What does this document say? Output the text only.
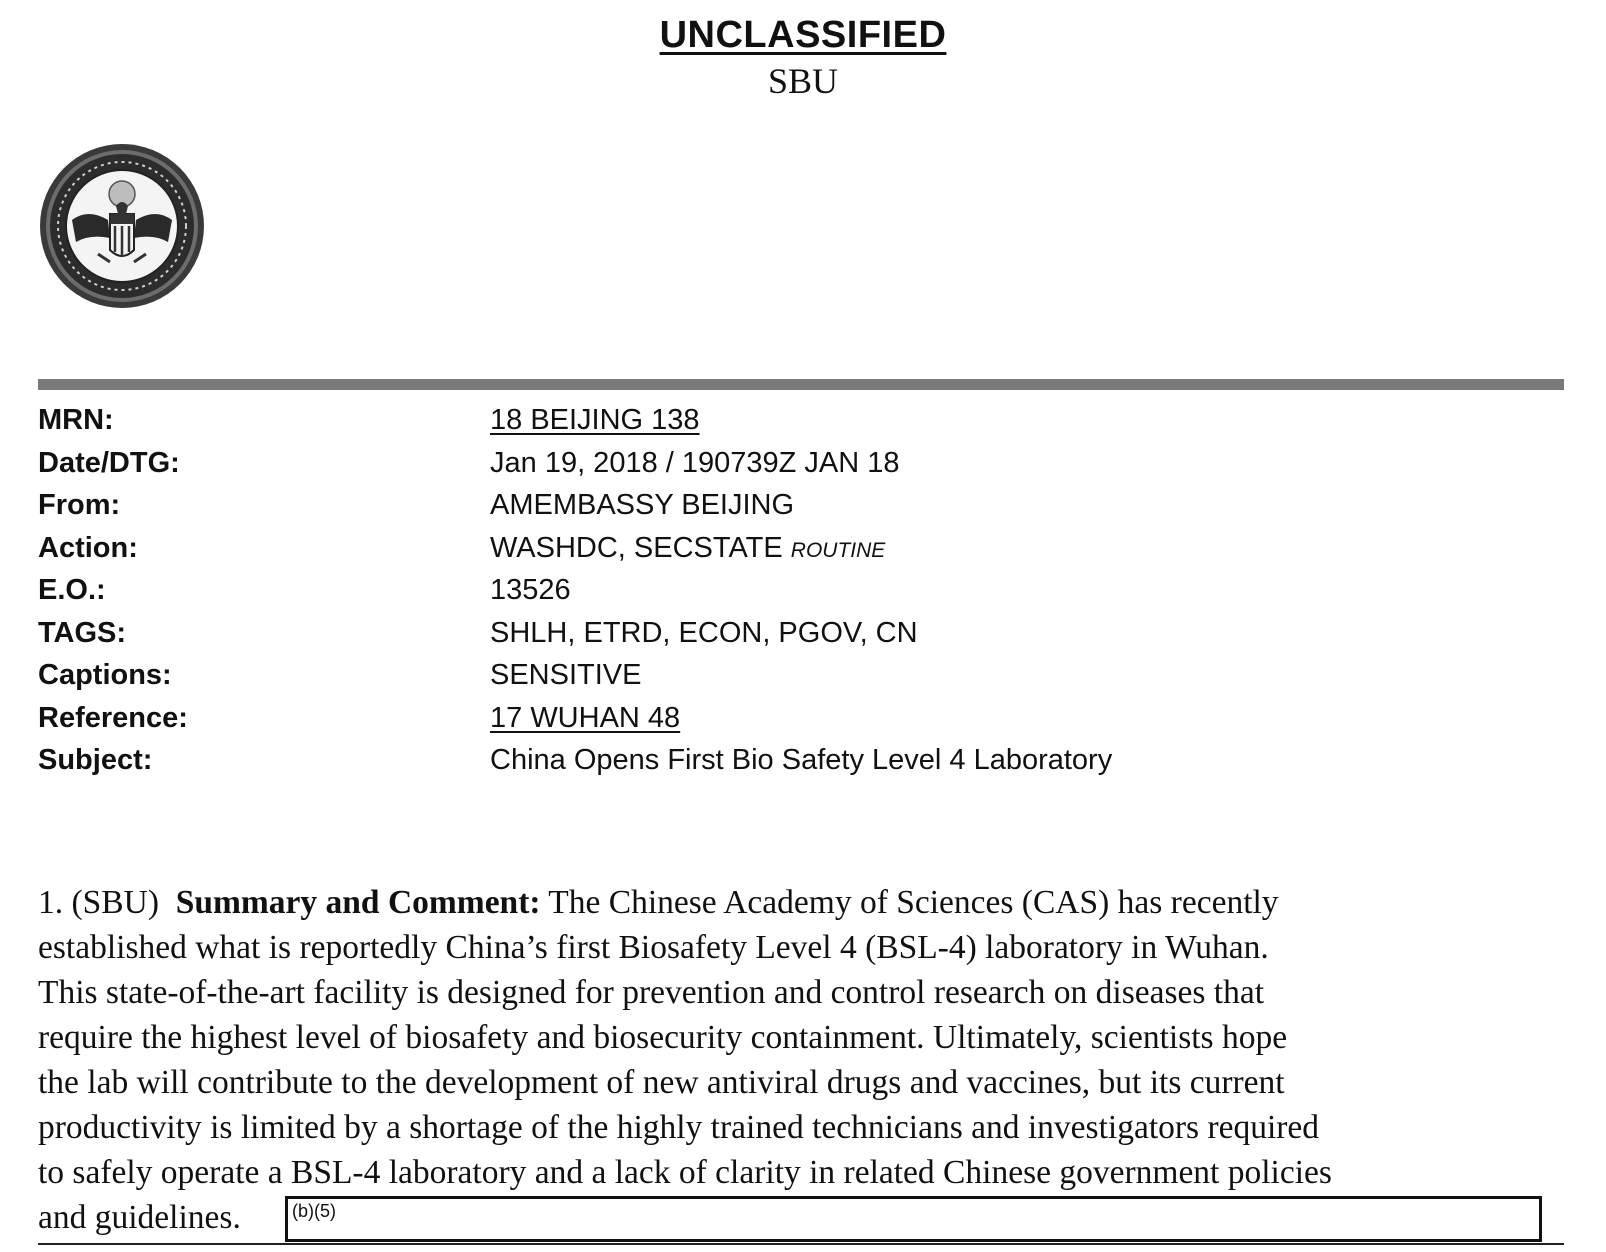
UNCLASSIFIED
SBU
MRN:	18 BEIJING 138
Date/DTG:	Jan 19, 2018 / 190739Z JAN 18
From:	AMEMBASSY BEIJING
Action:	WASHDC, SECSTATE ROUTINE
E.O.:	13526
TAGS:	SHLH, ETRD, ECON, PGOV, CN
Captions:	SENSITIVE
Reference:	17 WUHAN 48
Subject:	China Opens First Bio Safety Level 4 Laboratory
1. (SBU) Summary and Comment: The Chinese Academy of Sciences (CAS) has recently
established what is reportedly China’s first Biosafety Level 4 (BSL-4) laboratory in Wuhan.
This state-of-the-art facility is designed for prevention and control research on diseases that
require the highest level of biosafety and biosecurity containment. Ultimately, scientists hope
the lab will contribute to the development of new antiviral drugs and vaccines, but its current
productivity is limited by a shortage of the highly trained technicians and investigators required
to safely operate a BSL-4 laboratory and a lack of clarity in related Chinese government policies
and guidelines.	(b)(5)
